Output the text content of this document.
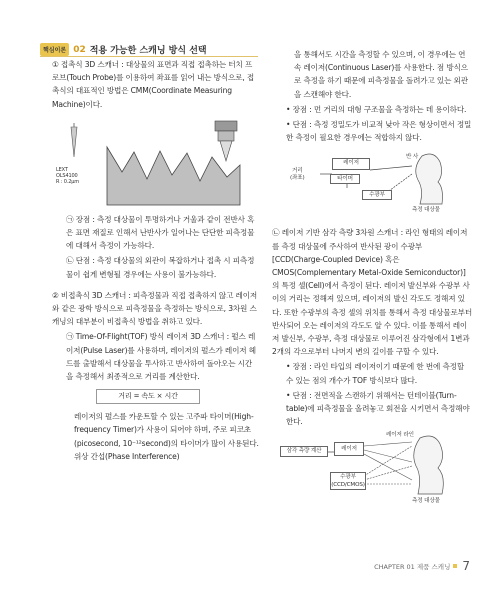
핵심이론 02 적용 가능한 스캐닝 방식 선택

① 접촉식 3D 스캐너 : 대상물의 표면과 직접 접촉하는 터치 프로브(Touch Probe)를 이용하여 좌표를 읽어 내는 방식으로, 접촉식의 대표적인 방법은 CMM(Coordinate Measuring Machine)이다.

LEXT
OLS4100
R : 0.2μm

㉠ 장점 : 측정 대상물이 투명하거나 거울과 같이 전반사 혹은 표면 재질로 인해서 난반사가 일어나는 단단한 피측정물에 대해서 측정이 가능하다.

㉡ 단점 : 측정 대상물의 외관이 복잡하거나 접촉 시 피측정물이 쉽게 변형될 경우에는 사용이 불가능하다.

② 비접촉식 3D 스캐너 : 피측정물과 직접 접촉하지 않고 레이저와 같은 광학 방식으로 피측정물을 측정하는 방식으로, 3차원 스캐닝의 대부분이 비접촉식 방법을 취하고 있다.

㉠ Time-Of-Flight(TOF) 방식 레이저 3D 스캐너 : 펄스 레이저(Pulse Laser)를 사용하며, 레이저의 펄스가 레이저 헤드를 출발해서 대상물을 투사하고 반사하여 돌아오는 시간을 측정해서 최종적으로 거리를 계산한다.

거리 = 속도 × 시간

레이저의 펄스를 카운트할 수 있는 고주파 타이머(High-frequency Timer)가 사용이 되어야 하며, 주로 피코초(picosecond, 10⁻¹²second)의 타이머가 많이 사용된다. 위상 간섭(Phase Interference)

을 통해서도 시간을 측정할 수 있으며, 이 경우에는 연속 레이저(Continuous Laser)를 사용한다. 점 방식으로 측정을 하기 때문에 피측정물을 돌려가고 있는 외관을 스캔해야 한다.

• 장점 : 먼 거리의 대형 구조물을 측정하는 데 용이하다.

• 단점 : 측정 정밀도가 비교적 낮아 작은 형상이면서 정밀한 측정이 필요한 경우에는 적합하지 않다.

거리
(좌표)
레이저
타이머
수광부
반 사
측정 대상물

㉡ 레이저 기반 삼각 측량 3차원 스캐너 : 라인 형태의 레이저를 측정 대상물에 주사하여 반사된 광이 수광부[CCD(Charge-Coupled Device) 혹은 CMOS(Complementary Metal-Oxide Semiconductor)]의 특정 셀(Cell)에서 측정이 된다. 레이저 발신부와 수광부 사이의 거리는 정해져 있으며, 레이저의 발신 각도도 정해져 있다. 또한 수광부의 측정 셀의 위치를 통해서 측정 대상물로부터 반사되어 오는 레이저의 각도도 알 수 있다. 이를 통해서 레이저 발신부, 수광부, 측정 대상물로 이루어진 삼각형에서 1변과 2개의 각으로부터 나머지 변의 길이를 구할 수 있다.

• 장점 : 라인 타입의 레이저이기 때문에 한 번에 측정할 수 있는 점의 개수가 TOF 방식보다 많다.

• 단점 : 전면적을 스캔하기 위해서는 턴테이블(Turn-table)에 피측정물을 올려놓고 회전을 시키면서 측정해야 한다.

레이저 라인
레이저
삼각 측량 계산
수광부
(CCD/CMOS)
측정 대상물
CHAPTER 01 제품 스캐닝 7
